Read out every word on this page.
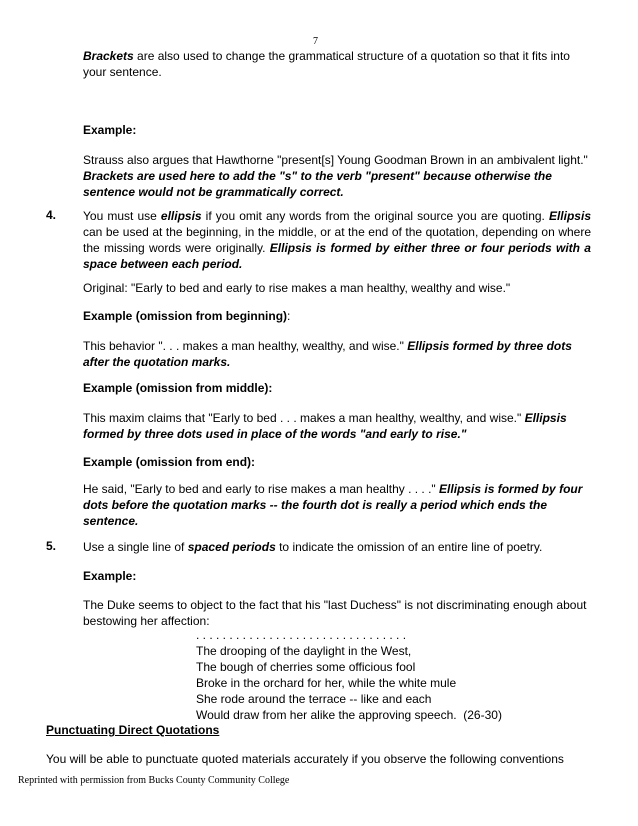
7

Brackets are also used to change the grammatical structure of a quotation so that it fits into your sentence.

Example:

Strauss also argues that Hawthorne "present[s] Young Goodman Brown in an ambivalent light." Brackets are used here to add the "s" to the verb "present" because otherwise the sentence would not be grammatically correct.

4. You must use ellipsis if you omit any words from the original source you are quoting. Ellipsis can be used at the beginning, in the middle, or at the end of the quotation, depending on where the missing words were originally. Ellipsis is formed by either three or four periods with a space between each period.

Original: "Early to bed and early to rise makes a man healthy, wealthy and wise."

Example (omission from beginning):

This behavior ". . . makes a man healthy, wealthy, and wise." Ellipsis formed by three dots after the quotation marks.

Example (omission from middle):

This maxim claims that "Early to bed . . . makes a man healthy, wealthy, and wise." Ellipsis formed by three dots used in place of the words "and early to rise."

Example (omission from end):

He said, "Early to bed and early to rise makes a man healthy . . . ." Ellipsis is formed by four dots before the quotation marks -- the fourth dot is really a period which ends the sentence.

5. Use a single line of spaced periods to indicate the omission of an entire line of poetry.

Example:

The Duke seems to object to the fact that his "last Duchess" is not discriminating enough about bestowing her affection:

. . . . . . . . . . . . . . . . . . . . . . . . . . . . . . . .
The drooping of the daylight in the West,
The bough of cherries some officious fool
Broke in the orchard for her, while the white mule
She rode around the terrace -- like and each
Would draw from her alike the approving speech.  (26-30)
Punctuating Direct Quotations

You will be able to punctuate quoted materials accurately if you observe the following conventions

Reprinted with permission from Bucks County Community College
